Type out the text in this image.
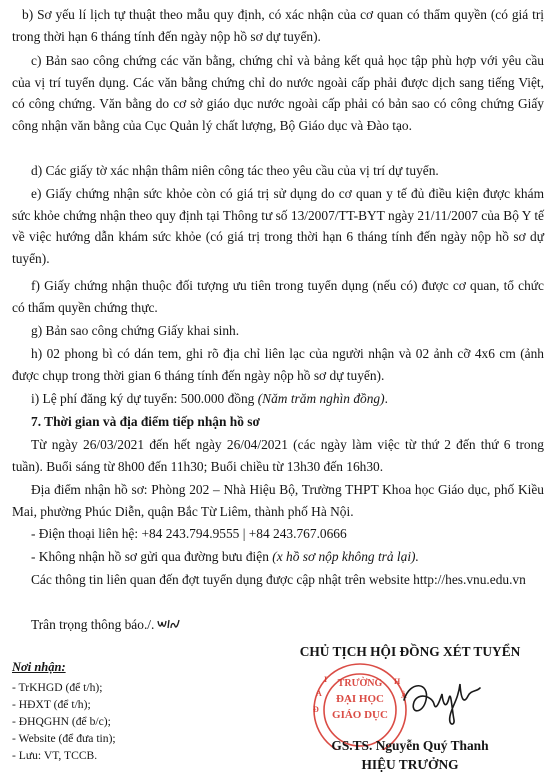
b) Sơ yếu lí lịch tự thuật theo mẫu quy định, có xác nhận của cơ quan có thẩm quyền (có giá trị trong thời hạn 6 tháng tính đến ngày nộp hồ sơ dự tuyển).

c) Bản sao công chứng các văn bằng, chứng chỉ và bảng kết quả học tập phù hợp với yêu cầu của vị trí tuyển dụng. Các văn bằng chứng chỉ do nước ngoài cấp phải được dịch sang tiếng Việt, có công chứng. Văn bằng do cơ sở giáo dục nước ngoài cấp phải có bản sao có công chứng Giấy công nhận văn bằng của Cục Quản lý chất lượng, Bộ Giáo dục và Đào tạo.

d) Các giấy tờ xác nhận thâm niên công tác theo yêu cầu của vị trí dự tuyển.

e) Giấy chứng nhận sức khỏe còn có giá trị sử dụng do cơ quan y tế đủ điều kiện được khám sức khỏe chứng nhận theo quy định tại Thông tư số 13/2007/TT-BYT ngày 21/11/2007 của Bộ Y tế về việc hướng dẫn khám sức khỏe (có giá trị trong thời hạn 6 tháng tính đến ngày nộp hồ sơ dự tuyển).

f) Giấy chứng nhận thuộc đối tượng ưu tiên trong tuyển dụng (nếu có) được cơ quan, tổ chức có thẩm quyền chứng thực.

g) Bản sao công chứng Giấy khai sinh.

h) 02 phong bì có dán tem, ghi rõ địa chỉ liên lạc của người nhận và 02 ảnh cỡ 4x6 cm (ảnh được chụp trong thời gian 6 tháng tính đến ngày nộp hồ sơ dự tuyển).

i) Lệ phí đăng ký dự tuyển: 500.000 đồng (Năm trăm nghìn đồng).

7. Thời gian và địa điểm tiếp nhận hồ sơ

Từ ngày 26/03/2021 đến hết ngày 26/04/2021 (các ngày làm việc từ thứ 2 đến thứ 6 trong tuần). Buổi sáng từ 8h00 đến 11h30; Buổi chiều từ 13h30 đến 16h30.

Địa điểm nhận hồ sơ: Phòng 202 – Nhà Hiệu Bộ, Trường THPT Khoa học Giáo dục, phố Kiều Mai, phường Phúc Diễn, quận Bắc Từ Liêm, thành phố Hà Nội.

- Điện thoại liên hệ: +84 243.794.9555 | +84 243.767.0666

- Không nhận hồ sơ gửi qua đường bưu điện (x hồ sơ nộp không trả lại).

Các thông tin liên quan đến đợt tuyển dụng được cập nhật trên website http://hes.vnu.edu.vn

Trân trọng thông báo./.

Nơi nhận:
- TrKHGD (để t/h);
- HĐXT (để t/h);
- ĐHQGHN (để b/c);
- Website (để đưa tin);
- Lưu: VT, TCCB.
CHỦ TỊCH HỘI ĐỒNG XÉT TUYỂN
TRƯỜNG
ĐẠI HỌC
GIÁO DỤC
Đ
A
I	H
À
GS.TS. Nguyễn Quý Thanh
HIỆU TRƯỞNG
